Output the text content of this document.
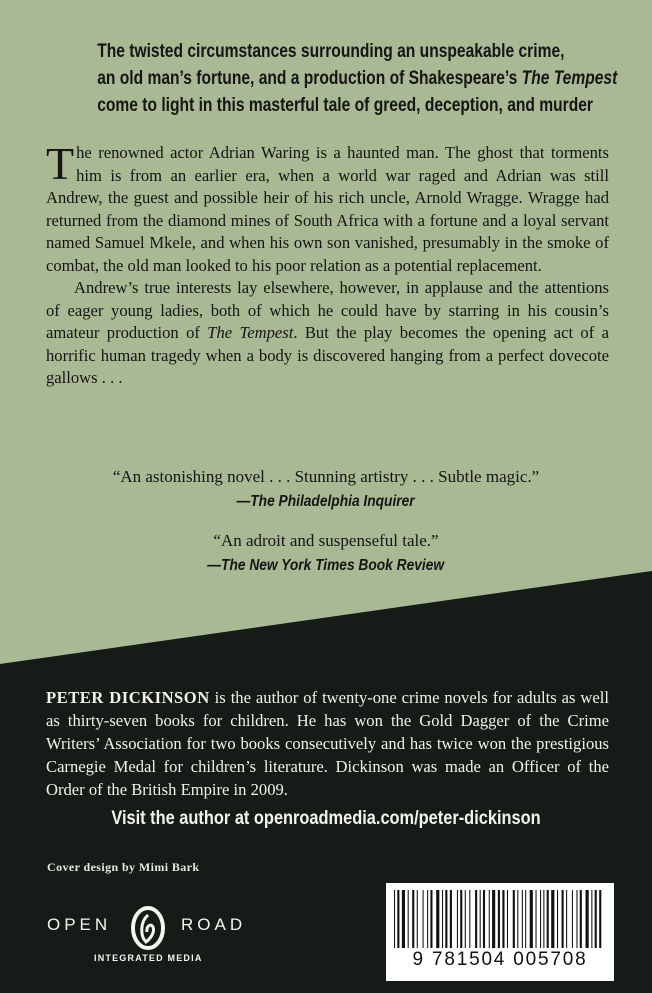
The twisted circumstances surrounding an unspeakable crime,
an old man’s fortune, and a production of Shakespeare’s The Tempest
come to light in this masterful tale of greed, deception, and murder

The renowned actor Adrian Waring is a haunted man. The ghost that torments him is from an earlier era, when a world war raged and Adrian was still Andrew, the guest and possible heir of his rich uncle, Arnold Wragge. Wragge had returned from the diamond mines of South Africa with a fortune and a loyal servant named Samuel Mkele, and when his own son vanished, presumably in the smoke of combat, the old man looked to his poor relation as a potential replacement.

Andrew’s true interests lay elsewhere, however, in applause and the attentions of eager young ladies, both of which he could have by starring in his cousin’s amateur production of The Tempest. But the play becomes the opening act of a horrific human tragedy when a body is discovered hanging from a perfect dovecote gallows . . .

“An astonishing novel . . . Stunning artistry . . . Subtle magic.”
—The Philadelphia Inquirer
“An adroit and suspenseful tale.”
—The New York Times Book Review
PETER DICKINSON is the author of twenty-one crime novels for adults as well as thirty-seven books for children. He has won the Gold Dagger of the Crime Writers’ Association for two books consecutively and has twice won the prestigious Carnegie Medal for children’s literature. Dickinson was made an Officer of the Order of the British Empire in 2009.
Visit the author at openroadmedia.com/peter-dickinson
Cover design by Mimi Bark
OPEN	ROAD
INTEGRATED MEDIA	9 781504 005708
